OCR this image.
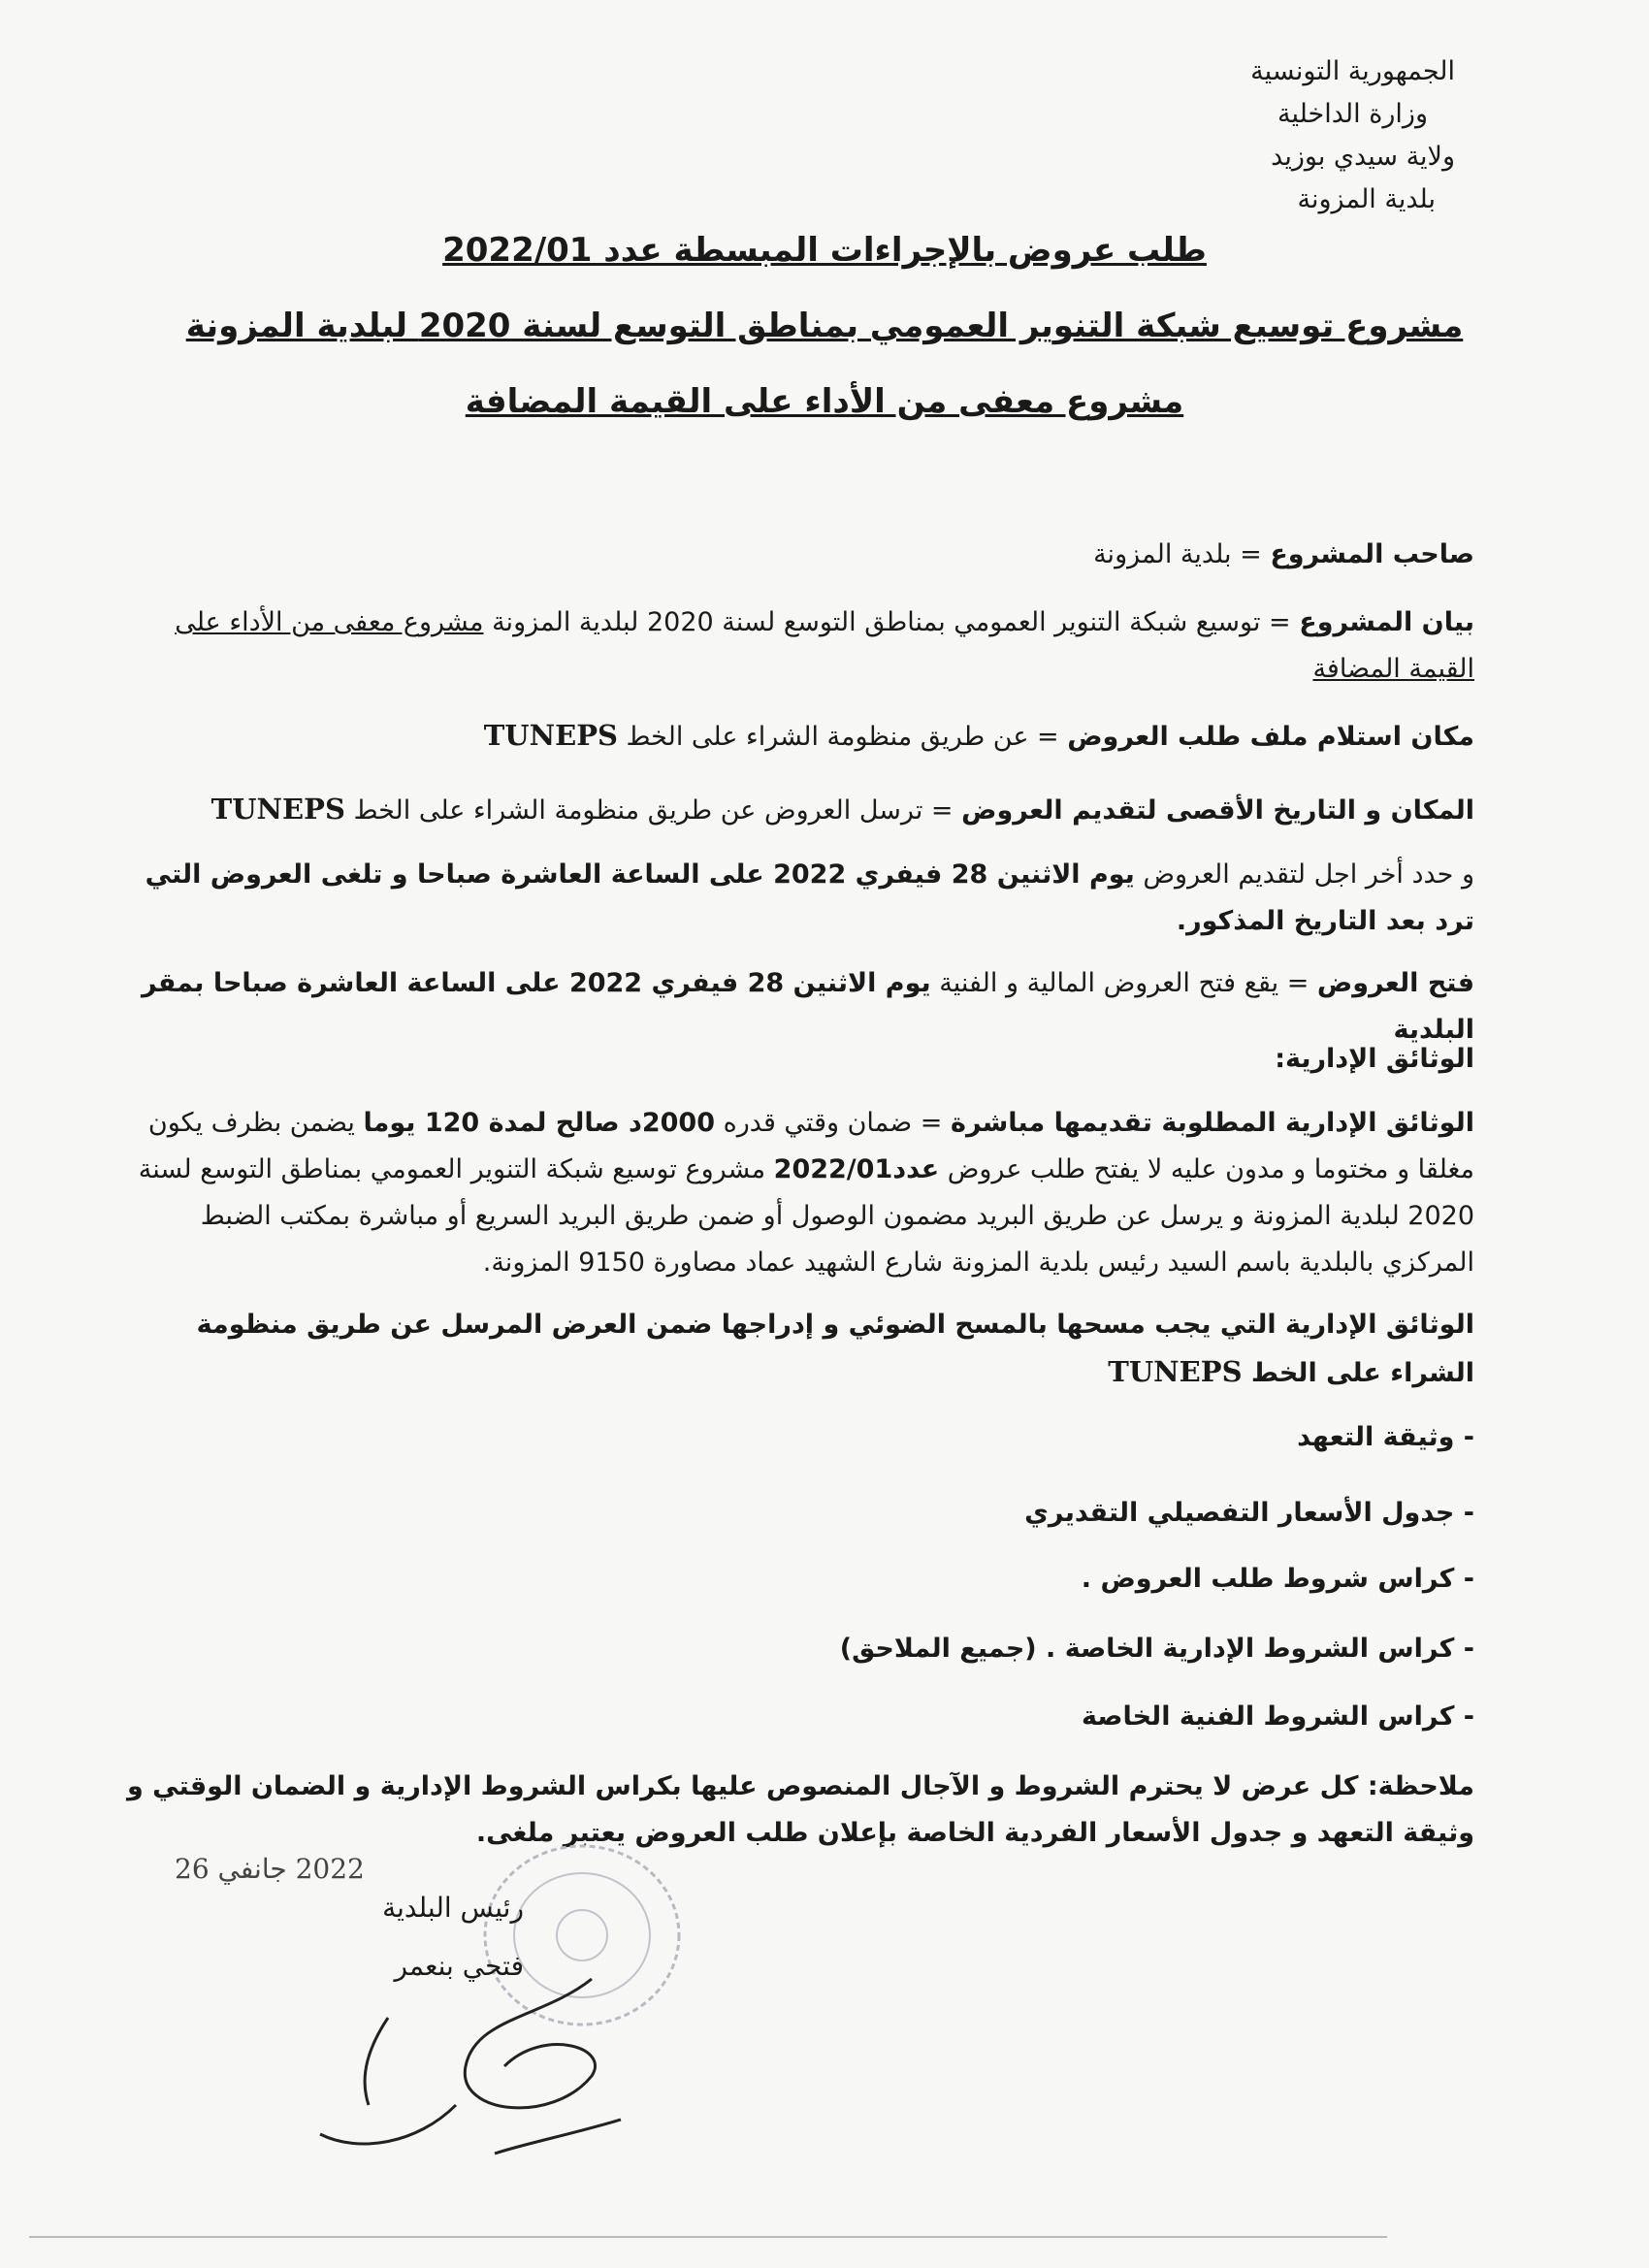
الجمهورية التونسية
وزارة الداخلية
ولاية سيدي بوزيد
بلدية المزونة
طلب عروض بالإجراءات المبسطة عدد 2022/01
مشروع توسيع شبكة التنوير العمومي بمناطق التوسع لسنة 2020 لبلدية المزونة
مشروع معفى من الأداء على القيمة المضافة
صاحب المشروع = بلدية المزونة
بيان المشروع = توسيع شبكة التنوير العمومي بمناطق التوسع لسنة 2020 لبلدية المزونة مشروع معفى من الأداء على القيمة المضافة
مكان استلام ملف طلب العروض = عن طريق منظومة الشراء على الخط TUNEPS
المكان و التاريخ الأقصى لتقديم العروض = ترسل العروض عن طريق منظومة الشراء على الخط TUNEPS
و حدد أخر اجل لتقديم العروض يوم الاثنين 28 فيفري 2022 على الساعة العاشرة صباحا و تلغى العروض التي ترد بعد التاريخ المذكور.
فتح العروض = يقع فتح العروض المالية و الفنية يوم الاثنين 28 فيفري 2022 على الساعة العاشرة صباحا بمقر البلدية
الوثائق الإدارية:
الوثائق الإدارية المطلوبة تقديمها مباشرة = ضمان وقتي قدره 2000د صالح لمدة 120 يوما يضمن بظرف يكون مغلقا و مختوما و مدون عليه لا يفتح طلب عروض عدد2022/01 مشروع توسيع شبكة التنوير العمومي بمناطق التوسع لسنة 2020 لبلدية المزونة و يرسل عن طريق البريد مضمون الوصول أو ضمن طريق البريد السريع أو مباشرة بمكتب الضبط المركزي بالبلدية باسم السيد رئيس بلدية المزونة شارع الشهيد عماد مصاورة 9150 المزونة.
الوثائق الإدارية التي يجب مسحها بالمسح الضوئي و إدراجها ضمن العرض المرسل عن طريق منظومة الشراء على الخط TUNEPS
- وثيقة التعهد
- جدول الأسعار التفصيلي التقديري
- كراس شروط طلب العروض .
- كراس الشروط الإدارية الخاصة . (جميع الملاحق)
- كراس الشروط الفنية الخاصة
ملاحظة: كل عرض لا يحترم الشروط و الآجال المنصوص عليها بكراس الشروط الإدارية و الضمان الوقتي و وثيقة التعهد و جدول الأسعار الفردية الخاصة بإعلان طلب العروض يعتبر ملغى.
2022 جانفي 26
رئيس البلدية
فتحي بنعمر
